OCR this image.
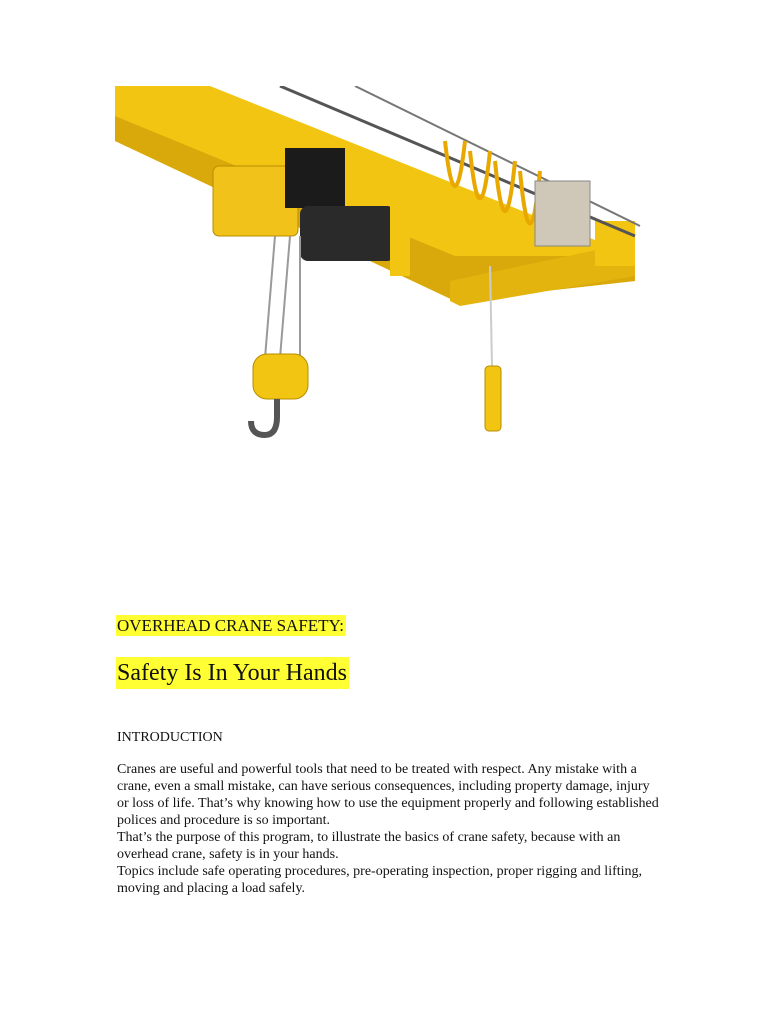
OVERHEAD CRANE SAFETY:
Safety Is In Your Hands
INTRODUCTION

Cranes are useful and powerful tools that need to be treated with respect. Any mistake with a crane, even a small mistake, can have serious consequences, including property damage, injury or loss of life. That’s why knowing how to use the equipment properly and following established polices and procedure is so important.

That’s the purpose of this program, to illustrate the basics of crane safety, because with an overhead crane, safety is in your hands.

Topics include safe operating procedures, pre-operating inspection, proper rigging and lifting, moving and placing a load safely.
